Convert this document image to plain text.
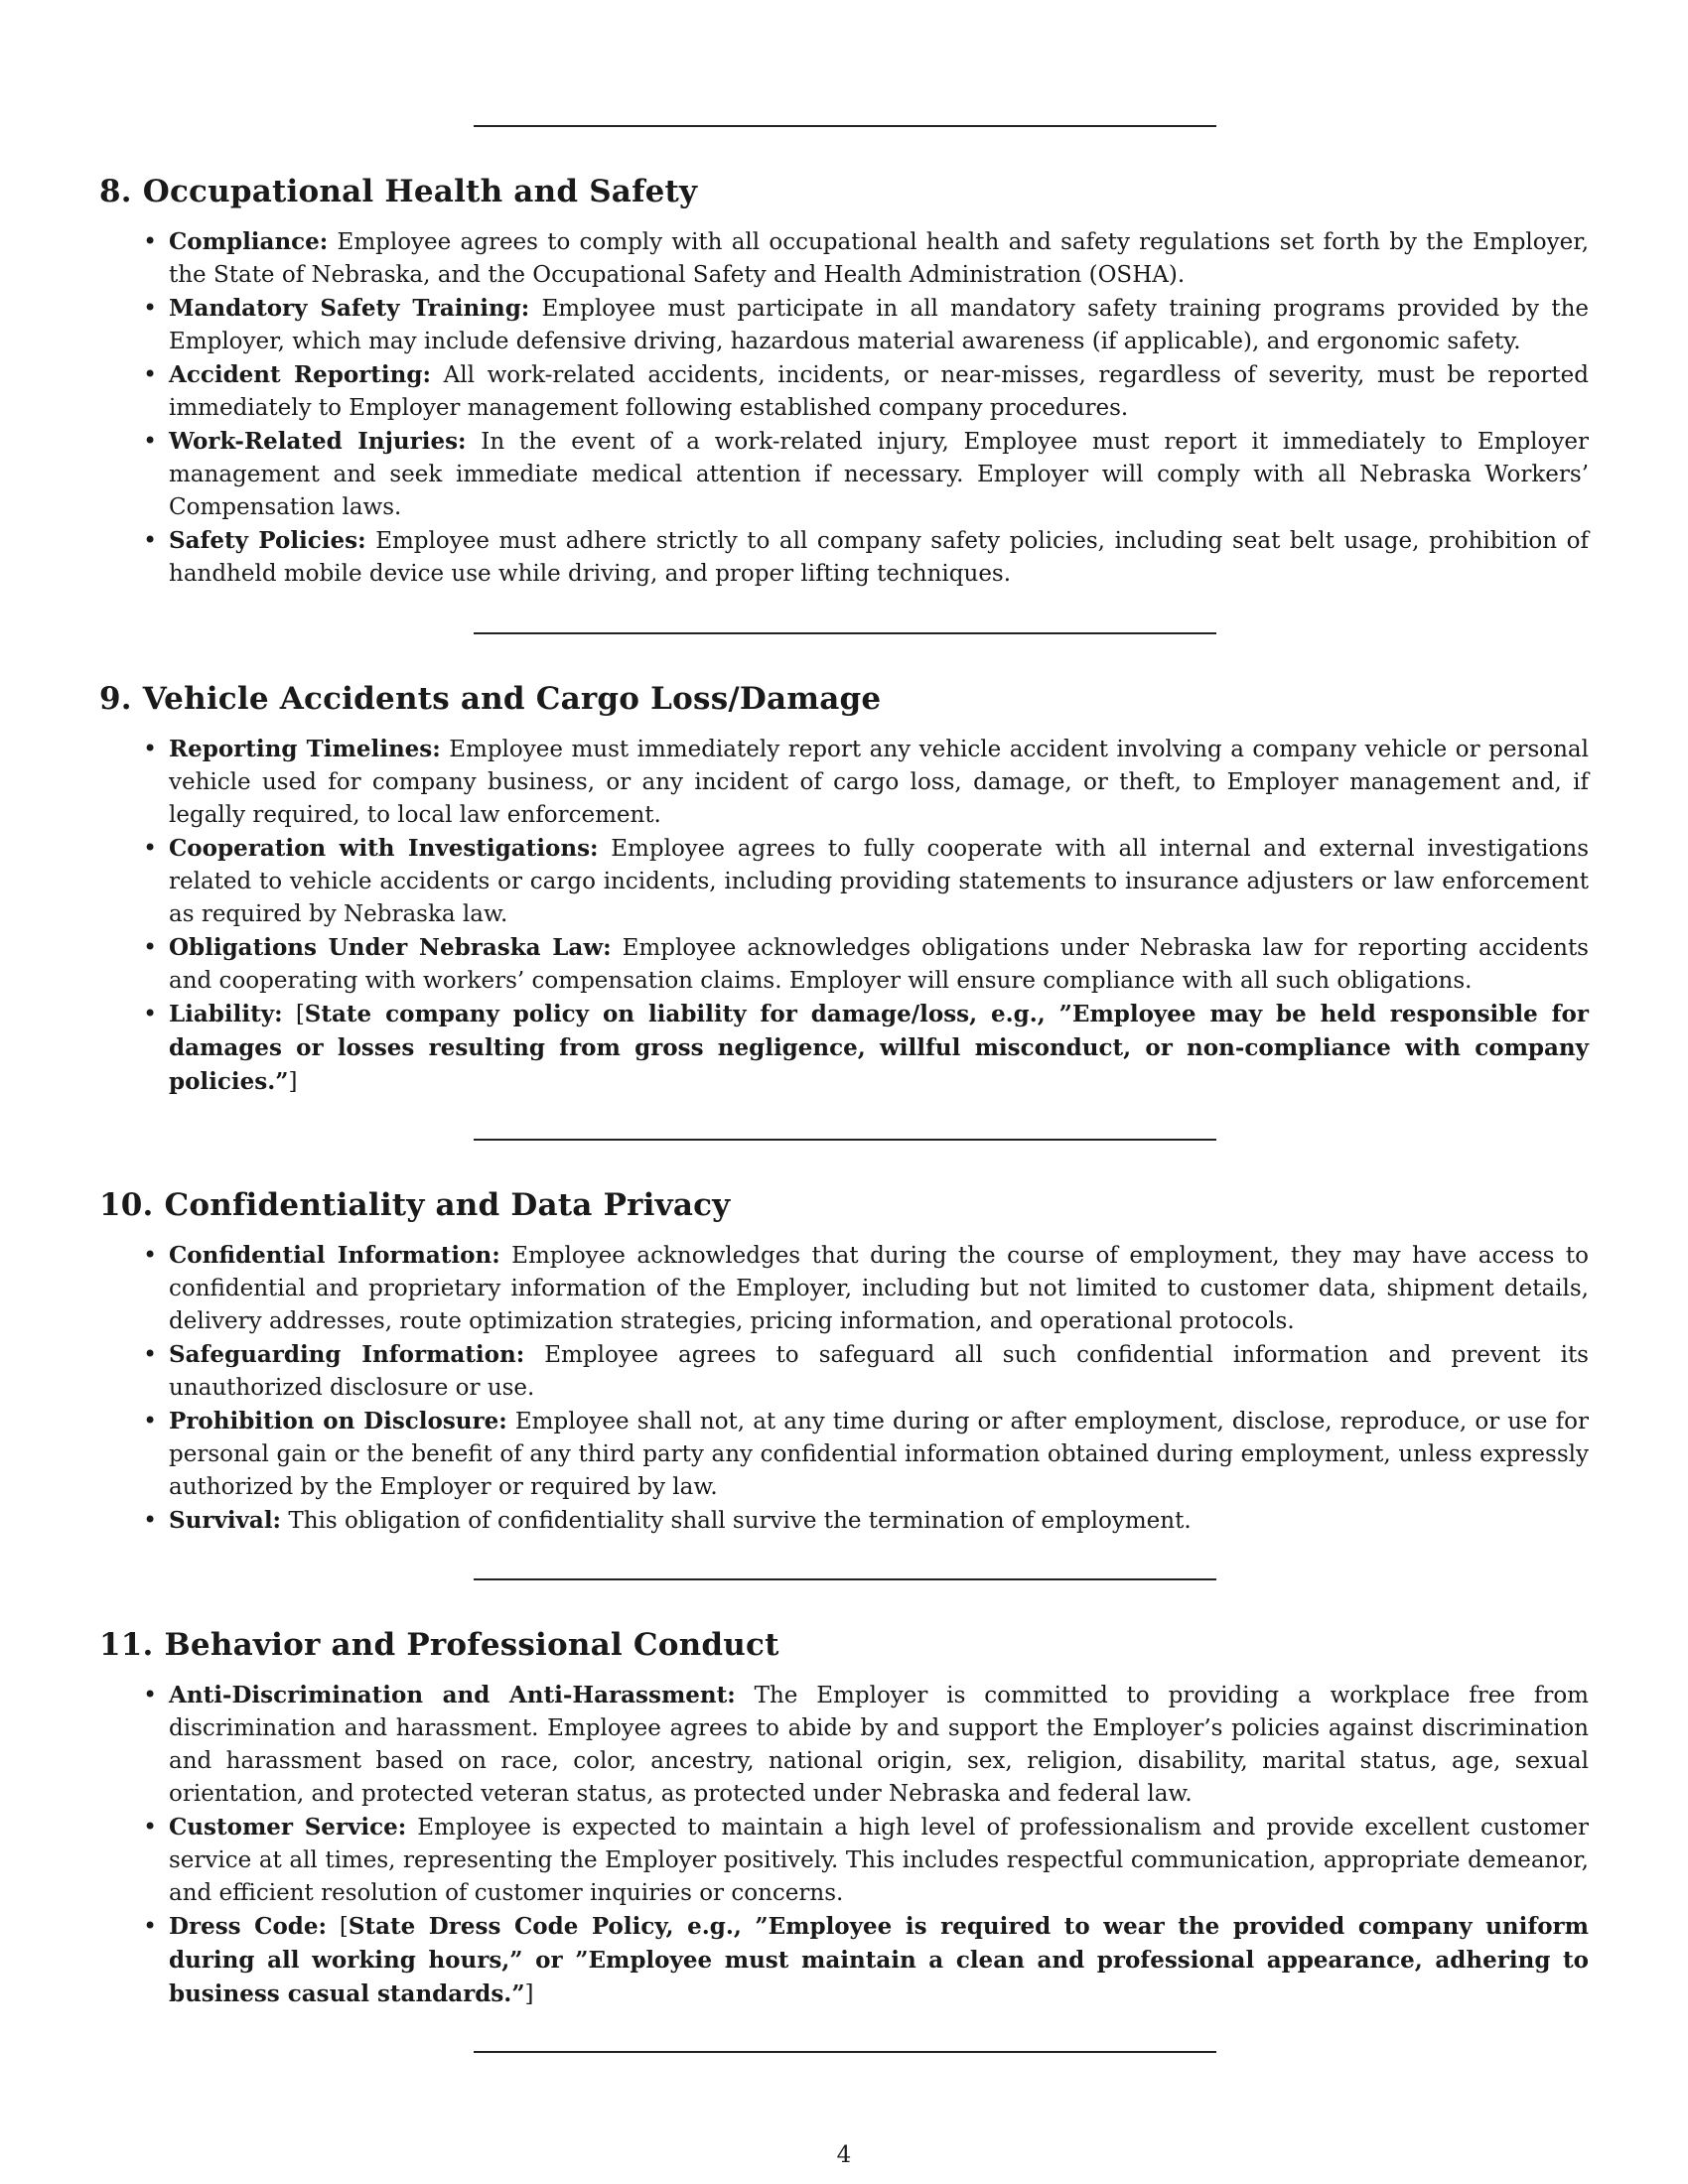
8. Occupational Health and Safety
• Compliance: Employee agrees to comply with all occupational health and safety regulations set forth by the Employer, the State of Nebraska, and the Occupational Safety and Health Administration (OSHA).
• Mandatory Safety Training: Employee must participate in all mandatory safety training programs provided by the Employer, which may include defensive driving, hazardous material awareness (if applicable), and ergonomic safety.
• Accident Reporting: All work-related accidents, incidents, or near-misses, regardless of severity, must be reported immediately to Employer management following established company procedures.
• Work-Related Injuries: In the event of a work-related injury, Employee must report it immediately to Employer management and seek immediate medical attention if necessary. Employer will comply with all Nebraska Workers’ Compensation laws.
• Safety Policies: Employee must adhere strictly to all company safety policies, including seat belt usage, prohibition of handheld mobile device use while driving, and proper lifting techniques.
9. Vehicle Accidents and Cargo Loss/Damage
• Reporting Timelines: Employee must immediately report any vehicle accident involving a company vehicle or personal vehicle used for company business, or any incident of cargo loss, damage, or theft, to Employer management and, if legally required, to local law enforcement.
• Cooperation with Investigations: Employee agrees to fully cooperate with all internal and external investigations related to vehicle accidents or cargo incidents, including providing statements to insurance adjusters or law enforcement as required by Nebraska law.
• Obligations Under Nebraska Law: Employee acknowledges obligations under Nebraska law for reporting accidents and cooperating with workers’ compensation claims. Employer will ensure compliance with all such obligations.
• Liability: [State company policy on liability for damage/loss, e.g., ”Employee may be held responsible for damages or losses resulting from gross negligence, willful misconduct, or non-compliance with company policies.”]
10. Confidentiality and Data Privacy
• Confidential Information: Employee acknowledges that during the course of employment, they may have access to confidential and proprietary information of the Employer, including but not limited to customer data, shipment details, delivery addresses, route optimization strategies, pricing information, and operational protocols.
• Safeguarding Information: Employee agrees to safeguard all such confidential information and prevent its unauthorized disclosure or use.
• Prohibition on Disclosure: Employee shall not, at any time during or after employment, disclose, reproduce, or use for personal gain or the benefit of any third party any confidential information obtained during employment, unless expressly authorized by the Employer or required by law.
• Survival: This obligation of confidentiality shall survive the termination of employment.
11. Behavior and Professional Conduct
• Anti-Discrimination and Anti-Harassment: The Employer is committed to providing a workplace free from discrimination and harassment. Employee agrees to abide by and support the Employer’s policies against discrimination and harassment based on race, color, ancestry, national origin, sex, religion, disability, marital status, age, sexual orientation, and protected veteran status, as protected under Nebraska and federal law.
• Customer Service: Employee is expected to maintain a high level of professionalism and provide excellent customer service at all times, representing the Employer positively. This includes respectful communication, appropriate demeanor, and efficient resolution of customer inquiries or concerns.
• Dress Code: [State Dress Code Policy, e.g., ”Employee is required to wear the provided company uniform during all working hours,” or ”Employee must maintain a clean and professional appearance, adhering to business casual standards.”]
4
